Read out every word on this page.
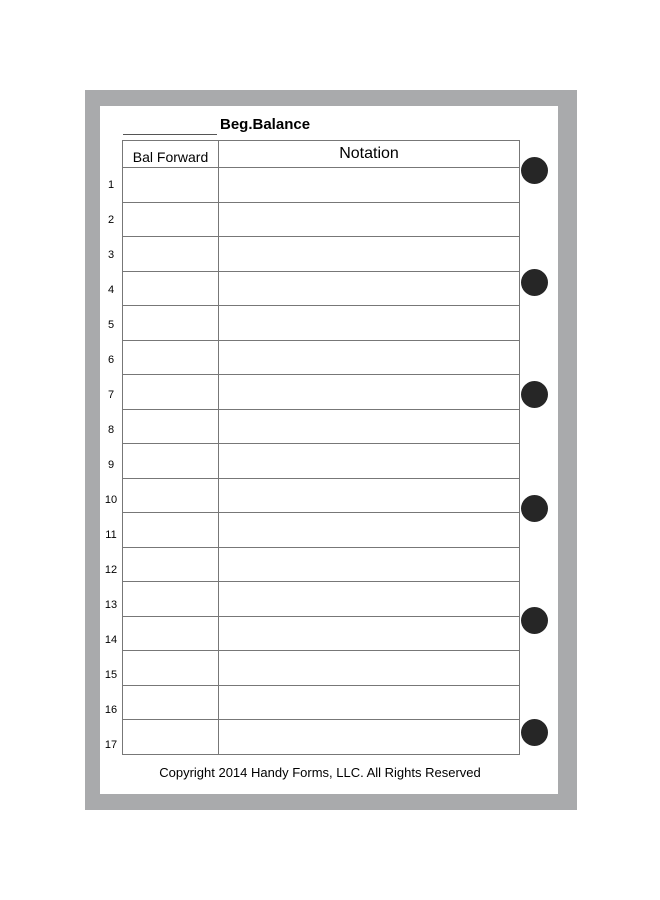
Beg.Balance
Bal Forward	Notation
1
2
3
4
5
6
7
8
9
10
11
12
13
14
15
16
17
Copyright 2014 Handy Forms, LLC. All Rights Reserved
